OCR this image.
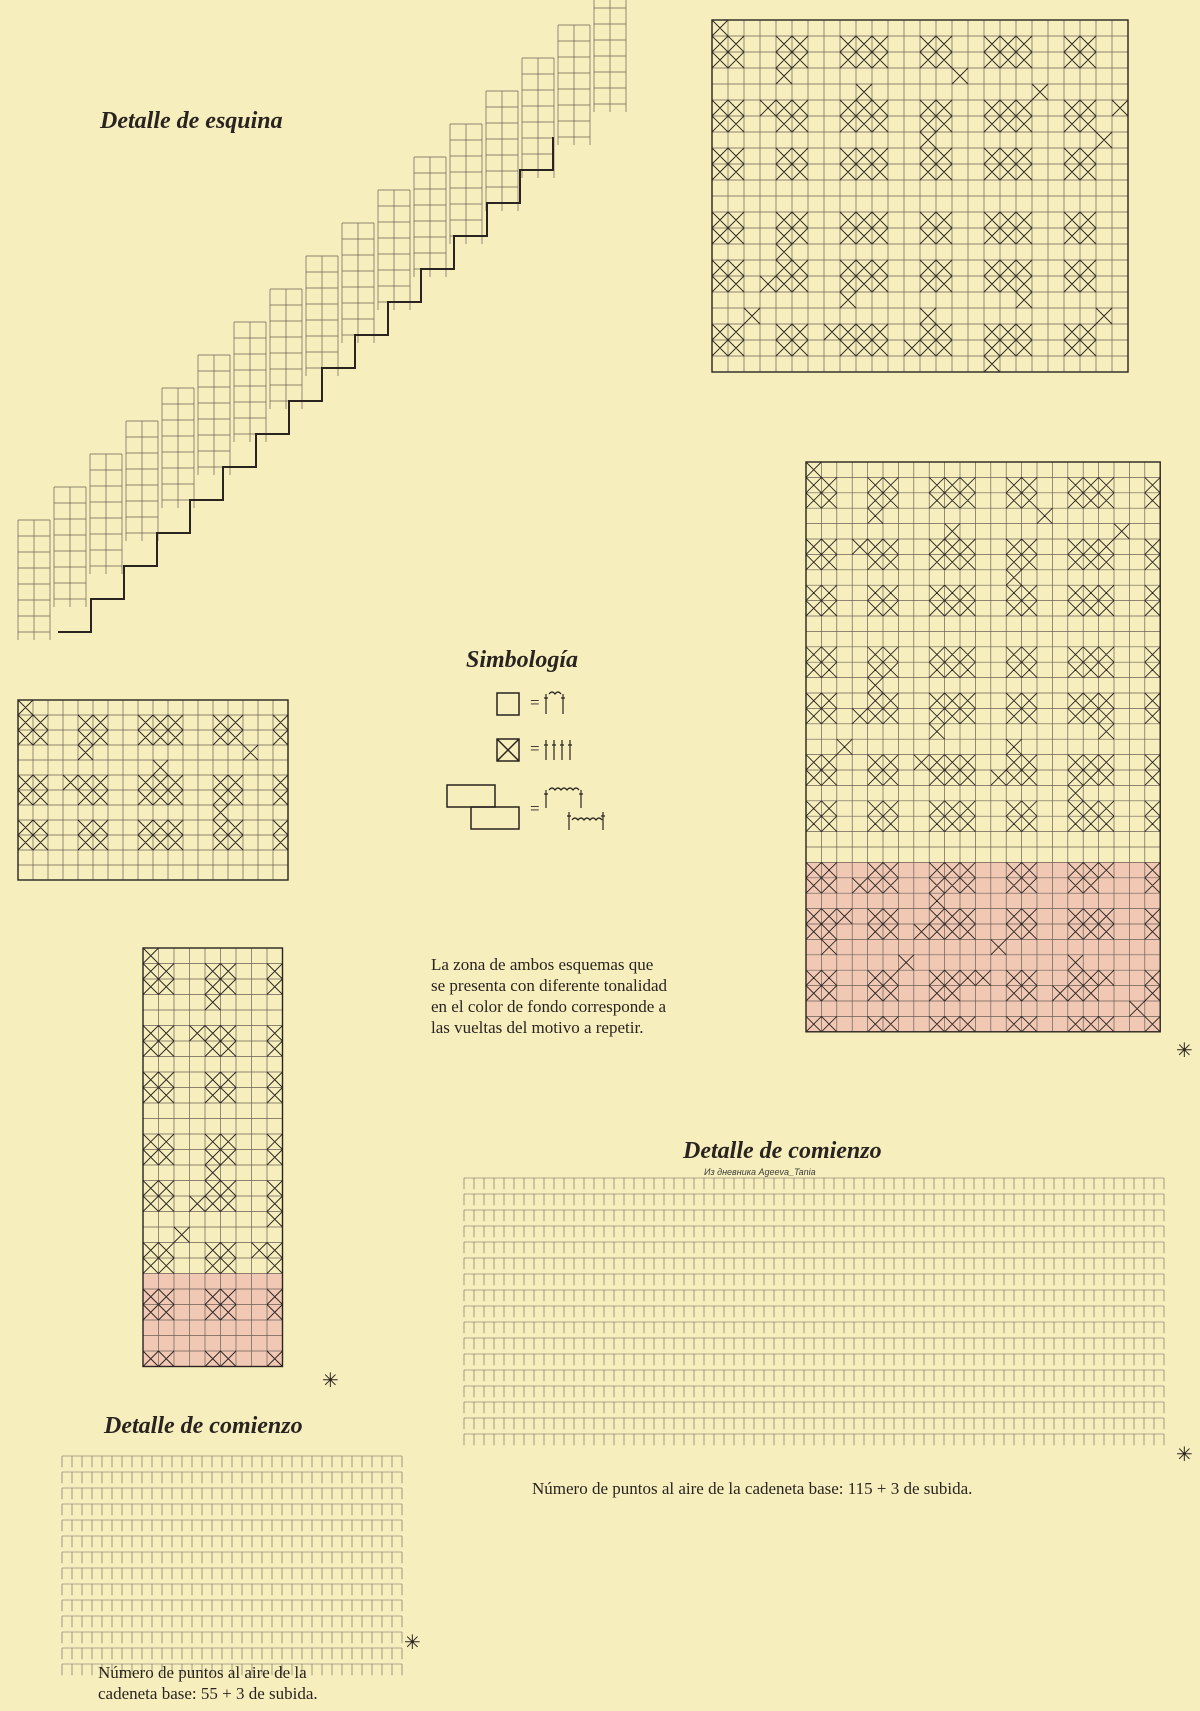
Detalle de esquina
Simbología
Detalle de comienzo
Detalle de comienzo
=
=
=
La zona de ambos esquemas que
se presenta con diferente tonalidad
en el color de fondo corresponde a
las vueltas del motivo a repetir.
Из дневника Ageeva_Tania
✳
Número de puntos al aire de la cadeneta base: 115 + 3 de subida.
✳
Número de puntos al aire de la
cadeneta base: 55 + 3 de subida.
✳
✳
